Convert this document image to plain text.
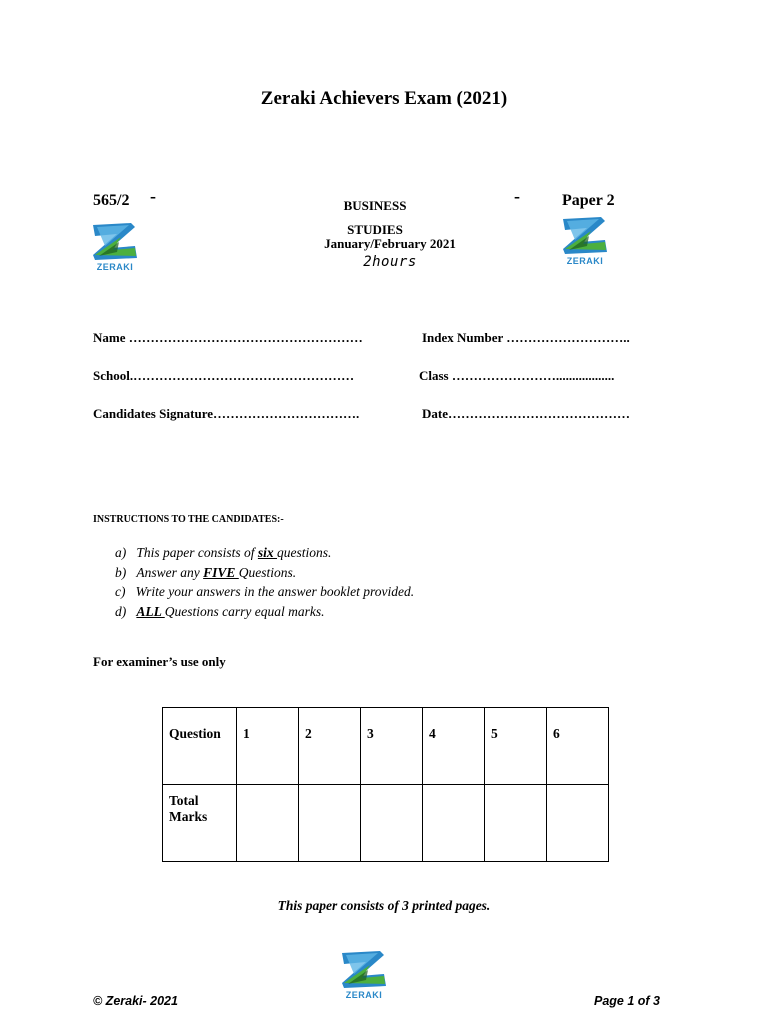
Zeraki Achievers Exam (2021)
565/2 -	BUSINESS
STUDIES
-	Paper 2
January/February 2021
2hours
ZERAKI
ZERAKI
Name ………………………………………………	Index Number ………………………..
School.……………………………………………	Class ……………………..................
Candidates Signature…………………………….	Date……………………………………
INSTRUCTIONS TO THE CANDIDATES:-
a) This paper consists of six questions.
b) Answer any FIVE Questions.
c) Write your answers in the answer booklet provided.
d) ALL Questions carry equal marks.
For examiner’s use only
Question	1	2	3	4	5	6
Total Marks						
This paper consists of 3 printed pages.
ZERAKI
© Zeraki- 2021	Page 1 of 3
